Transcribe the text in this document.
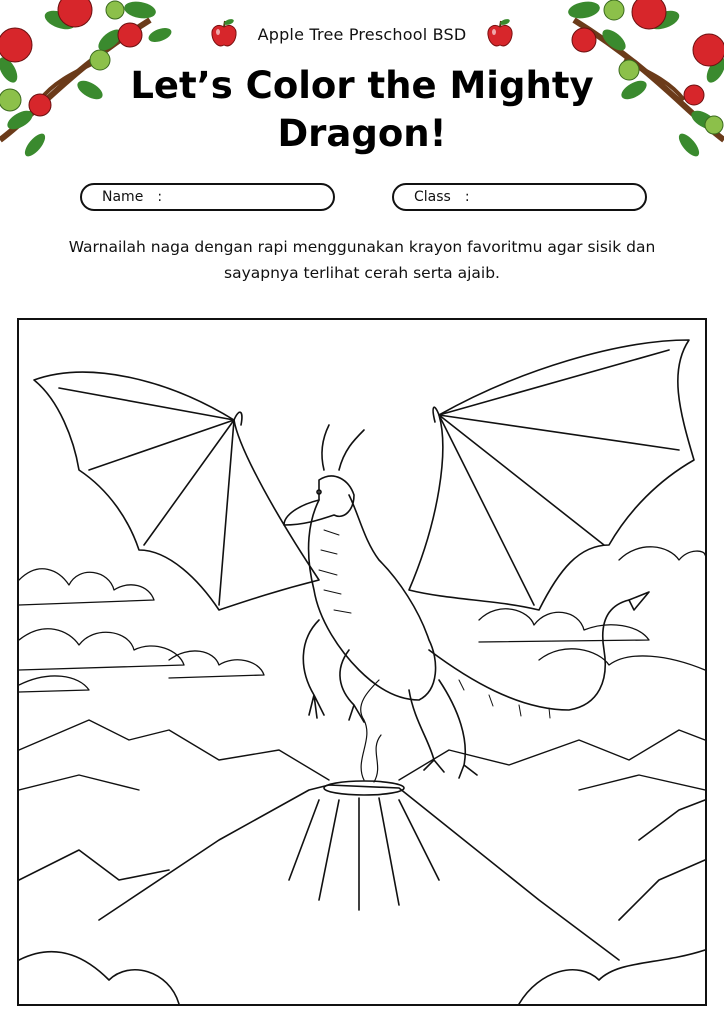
Apple Tree Preschool BSD
Let’s Color the Mighty Dragon!
Name :	Class :

Warnailah naga dengan rapi menggunakan krayon favoritmu agar sisik dan sayapnya terlihat cerah serta ajaib.
